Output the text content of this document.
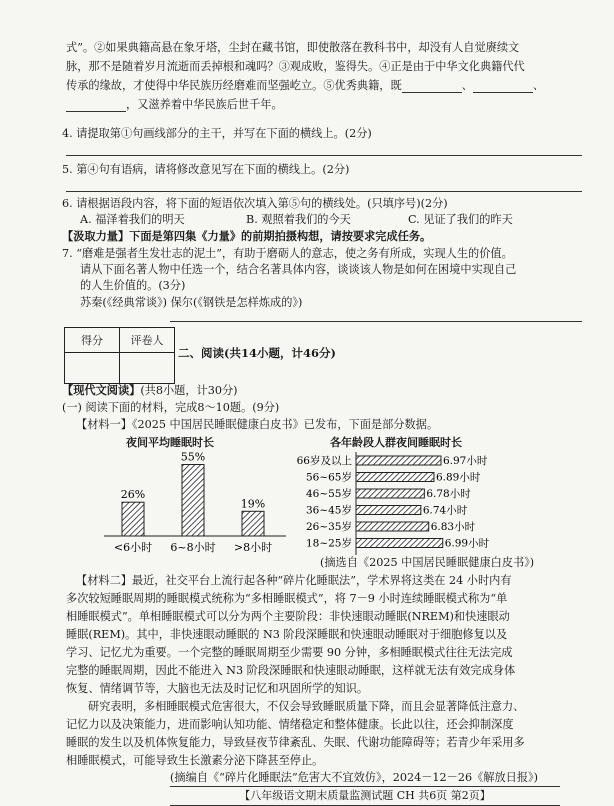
式”。②如果典籍高悬在象牙塔，尘封在藏书馆，即使散落在教科书中，却没有人自觉赓续文
脉，那不是随着岁月流逝而丢掉根和魂吗？③观成败，鉴得失。④正是由于中华文化典籍代代
传承的缘故，才使得中华民族历经磨难而坚强屹立。⑤优秀典籍，既	、	、
，又滋养着中华民族后世千年。
4. 请提取第①句画线部分的主干，并写在下面的横线上。(2分)
5. 第④句有语病，请将修改意见写在下面的横线上。(2分)
6. 请根据语段内容，将下面的短语依次填入第⑤句的横线处。(只填序号)(2分)
A. 福泽着我们的明天	B. 观照着我们的今天	C. 见证了我们的昨天
【汲取力量】下面是第四集《力量》的前期拍摄构想，请按要求完成任务。
7. “磨难是强者生发壮志的泥土”，有助于磨砺人的意志，使之务有所成，实现人生的价值。
请从下面名著人物中任选一个，结合名著具体内容，谈谈该人物是如何在困境中实现自己
的人生价值的。(3分)
苏秦(《经典常谈》) 保尔(《钢铁是怎样炼成的》)
得分	评卷人

二、阅读(共14小题，计46分)
【现代文阅读】(共8小题，计30分)
(一) 阅读下面的材料，完成8～10题。(9分)
【材料一】《2025 中国居民睡眠健康白皮书》已发布，下面是部分数据。
夜间平均睡眠时长	各年龄段人群夜间睡眠时长
26%
<6小时
55%
6~8小时
19%
>8小时
66岁及以上	6.97小时
56~65岁	6.89小时
46~55岁	6.78小时
36~45岁	6.74小时
26~35岁	6.83小时
18~25岁	6.99小时
(摘选自《2025 中国居民睡眠健康白皮书》)
【材料二】最近，社交平台上流行起各种“碎片化睡眠法”，学术界将这类在 24 小时内有
多次较短睡眠周期的睡眠模式统称为“多相睡眠模式”，将 7－9 小时连续睡眠模式称为“单
相睡眠模式”。单相睡眠模式可以分为两个主要阶段：非快速眼动睡眠(NREM)和快速眼动
睡眠(REM)。其中，非快速眼动睡眠的 N3 阶段深睡眠和快速眼动睡眠对于细胞修复以及
学习、记忆尤为重要。一个完整的睡眠周期至少需要 90 分钟，多相睡眠模式往往无法完成
完整的睡眠周期，因此不能进入 N3 阶段深睡眠和快速眼动睡眠，这样就无法有效完成身体
恢复、情绪调节等，大脑也无法及时记忆和巩固所学的知识。
研究表明，多相睡眠模式危害很大，不仅会导致睡眠质量下降，而且会显著降低注意力、
记忆力以及决策能力，进而影响认知功能、情绪稳定和整体健康。长此以往，还会抑制深度
睡眠的发生以及机体恢复能力，导致昼夜节律紊乱、失眠、代谢功能障碍等；若青少年采用多
相睡眠模式，可能导致生长激素分泌下降甚至停止。
(摘编自《“碎片化睡眠法”危害大不宜效仿》，2024－12－26《解放日报》)
【八年级语文期末质量监测试题 CH 共6页 第2页】
